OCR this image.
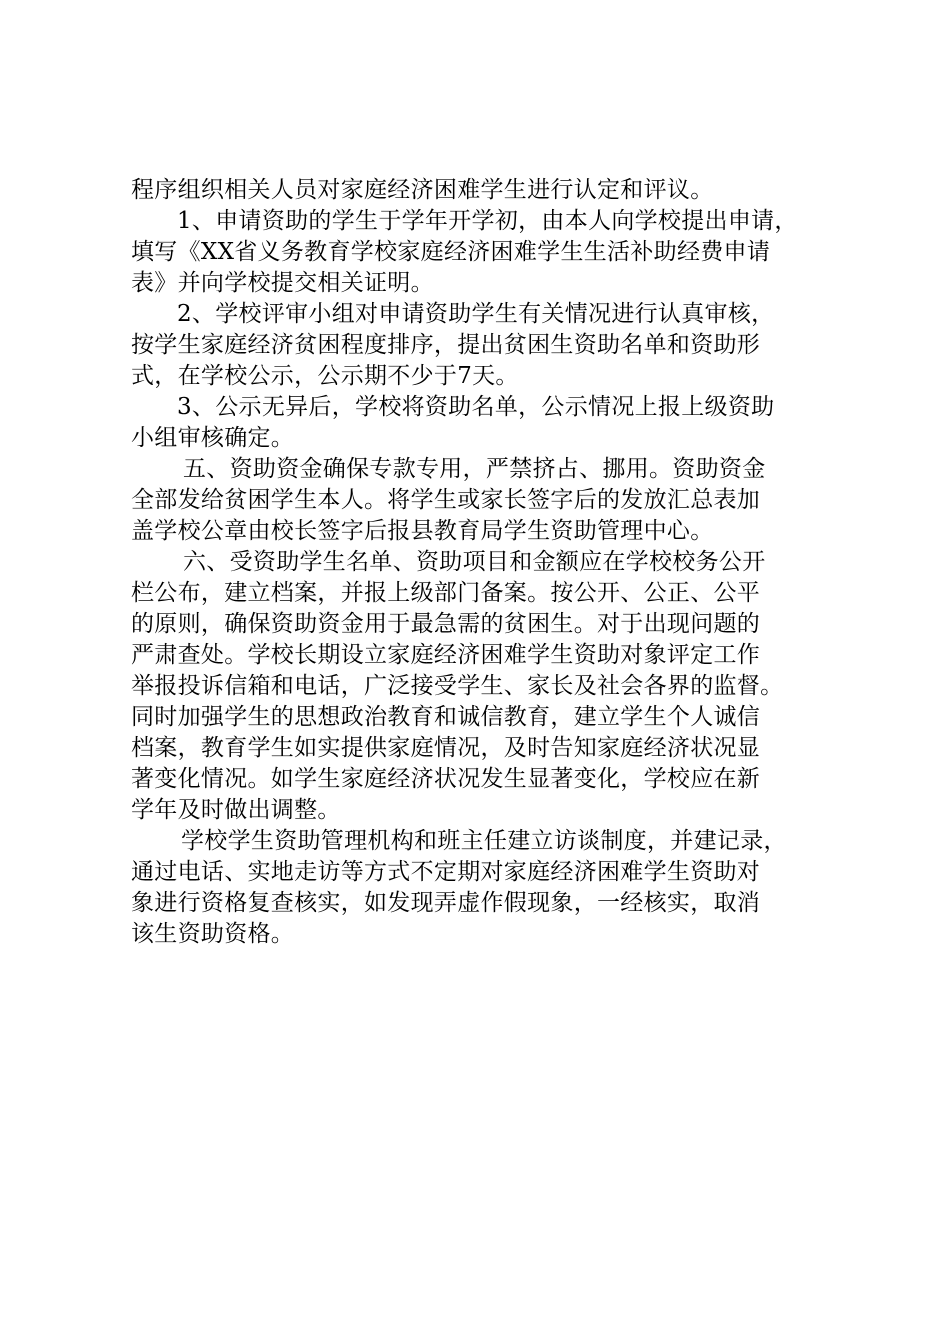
程序组织相关人员对家庭经济困难学生进行认定和评议。
1、申请资助的学生于学年开学初，由本人向学校提出申请，
填写《XX省义务教育学校家庭经济困难学生生活补助经费申请
表》并向学校提交相关证明。
2、学校评审小组对申请资助学生有关情况进行认真审核，
按学生家庭经济贫困程度排序，提出贫困生资助名单和资助形
式，在学校公示，公示期不少于7天。
3、公示无异后，学校将资助名单，公示情况上报上级资助
小组审核确定。
五、资助资金确保专款专用，严禁挤占、挪用。资助资金
全部发给贫困学生本人。将学生或家长签字后的发放汇总表加
盖学校公章由校长签字后报县教育局学生资助管理中心。
六、受资助学生名单、资助项目和金额应在学校校务公开
栏公布，建立档案，并报上级部门备案。按公开、公正、公平
的原则，确保资助资金用于最急需的贫困生。对于出现问题的
严肃查处。学校长期设立家庭经济困难学生资助对象评定工作
举报投诉信箱和电话，广泛接受学生、家长及社会各界的监督。
同时加强学生的思想政治教育和诚信教育，建立学生个人诚信
档案，教育学生如实提供家庭情况，及时告知家庭经济状况显
著变化情况。如学生家庭经济状况发生显著变化，学校应在新
学年及时做出调整。
学校学生资助管理机构和班主任建立访谈制度，并建记录，
通过电话、实地走访等方式不定期对家庭经济困难学生资助对
象进行资格复查核实，如发现弄虚作假现象，一经核实，取消
该生资助资格。
